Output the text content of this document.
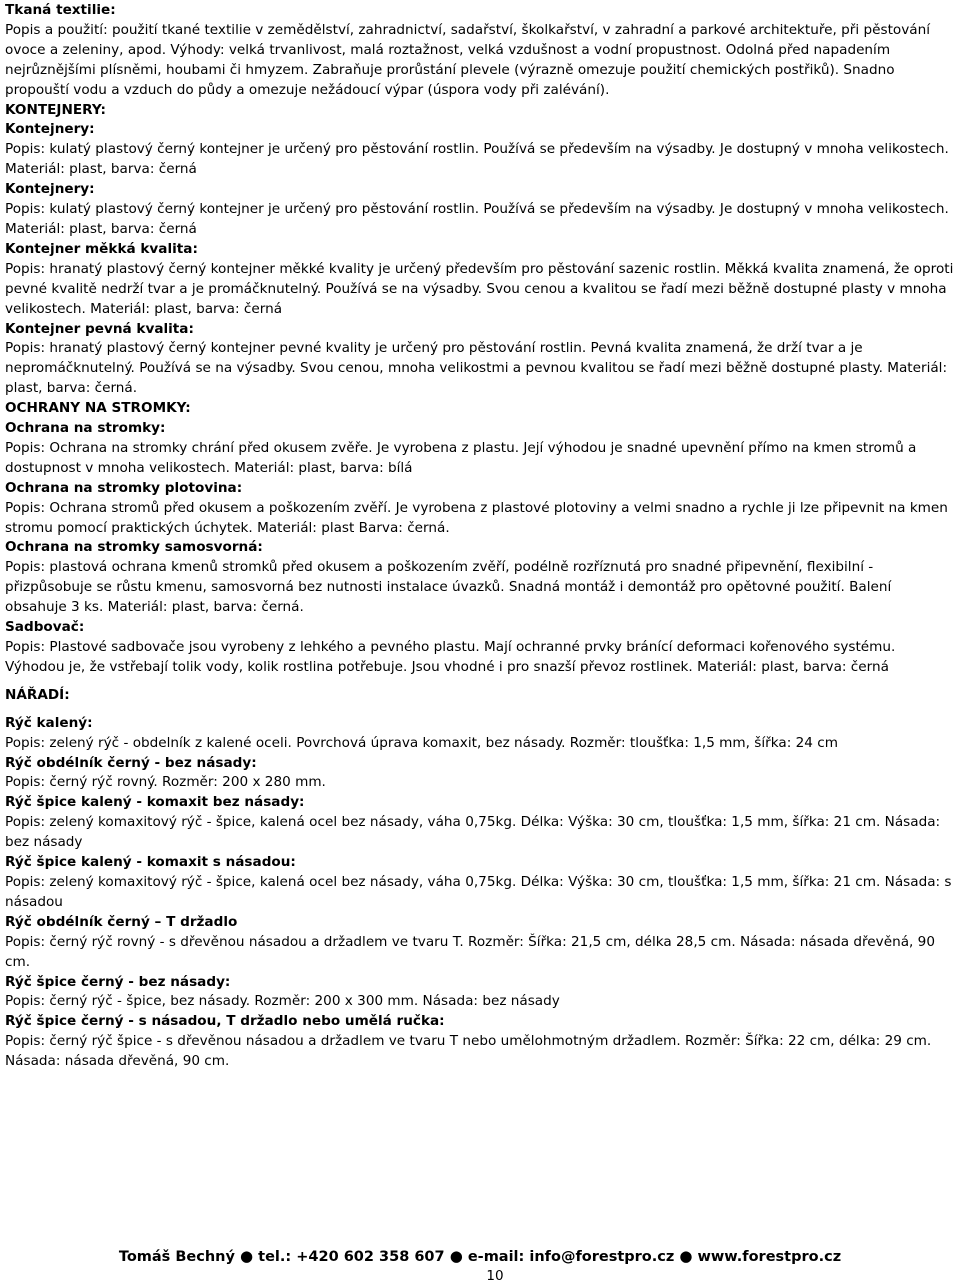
Tkaná textilie:
Popis a použití: použití tkané textilie v zemědělství, zahradnictví, sadařství, školkařství, v zahradní a parkové architektuře, při pěstování ovoce a zeleniny, apod. Výhody: velká trvanlivost, malá roztažnost, velká vzdušnost a vodní propustnost. Odolná před napadením nejrůznějšími plísněmi, houbami či hmyzem. Zabraňuje prorůstání plevele (výrazně omezuje použití chemických postřiků). Snadno propouští vodu a vzduch do půdy a omezuje nežádoucí výpar (úspora vody při zalévání).
KONTEJNERY:
Kontejnery:
Popis: kulatý plastový černý kontejner je určený pro pěstování rostlin. Používá se především na výsadby. Je dostupný v mnoha velikostech. Materiál: plast, barva: černá
Kontejnery:
Popis: kulatý plastový černý kontejner je určený pro pěstování rostlin. Používá se především na výsadby. Je dostupný v mnoha velikostech. Materiál: plast, barva: černá
Kontejner měkká kvalita:
Popis: hranatý plastový černý kontejner měkké kvality je určený především pro pěstování sazenic rostlin. Měkká kvalita znamená, že oproti pevné kvalitě nedrží tvar a je promáčknutelný. Používá se na výsadby. Svou cenou a kvalitou se řadí mezi běžně dostupné plasty v mnoha velikostech. Materiál: plast, barva: černá
Kontejner pevná kvalita:
Popis: hranatý plastový černý kontejner pevné kvality je určený pro pěstování rostlin. Pevná kvalita znamená, že drží tvar a je nepromáčknutelný. Používá se na výsadby. Svou cenou, mnoha velikostmi a pevnou kvalitou se řadí mezi běžně dostupné plasty. Materiál: plast, barva: černá.
OCHRANY NA STROMKY:
Ochrana na stromky:
Popis: Ochrana na stromky chrání před okusem zvěře. Je vyrobena z plastu. Její výhodou je snadné upevnění přímo na kmen stromů a dostupnost v mnoha velikostech. Materiál: plast, barva: bílá
Ochrana na stromky plotovina:
Popis: Ochrana stromů před okusem a poškozením zvěří. Je vyrobena z plastové plotoviny a velmi snadno a rychle ji lze připevnit na kmen stromu pomocí praktických úchytek. Materiál: plast Barva: černá.
Ochrana na stromky samosvorná:
Popis: plastová ochrana kmenů stromků před okusem a poškozením zvěří, podélně rozříznutá pro snadné připevnění, flexibilní - přizpůsobuje se růstu kmenu, samosvorná bez nutnosti instalace úvazků. Snadná montáž i demontáž pro opětovné použití. Balení obsahuje 3 ks. Materiál: plast, barva: černá.
Sadbovač:
Popis: Plastové sadbovače jsou vyrobeny z lehkého a pevného plastu. Mají ochranné prvky bránící deformaci kořenového systému. Výhodou je, že vstřebají tolik vody, kolik rostlina potřebuje. Jsou vhodné i pro snazší převoz rostlinek. Materiál: plast, barva: černá
NÁŘADÍ:
Rýč kalený:
Popis: zelený rýč - obdelník z kalené oceli. Povrchová úprava komaxit, bez násady. Rozměr: tloušťka: 1,5 mm, šířka: 24 cm
Rýč obdélník černý - bez násady:
Popis: černý rýč rovný. Rozměr: 200 x 280 mm.
Rýč špice kalený - komaxit bez násady:
Popis: zelený komaxitový rýč - špice, kalená ocel bez násady, váha 0,75kg. Délka: Výška: 30 cm, tloušťka: 1,5 mm, šířka: 21 cm. Násada: bez násady
Rýč špice kalený - komaxit s násadou:
Popis: zelený komaxitový rýč - špice, kalená ocel bez násady, váha 0,75kg. Délka: Výška: 30 cm, tloušťka: 1,5 mm, šířka: 21 cm. Násada: s násadou
Rýč obdélník černý – T držadlo
Popis: černý rýč rovný - s dřevěnou násadou a držadlem ve tvaru T. Rozměr: Šířka: 21,5 cm, délka 28,5 cm. Násada: násada dřevěná, 90 cm.
Rýč špice černý - bez násady:
Popis: černý rýč - špice, bez násady. Rozměr: 200 x 300 mm. Násada: bez násady
Rýč špice černý - s násadou, T držadlo nebo umělá ručka:
Popis: černý rýč špice - s dřevěnou násadou a držadlem ve tvaru T nebo umělohmotným držadlem. Rozměr: Šířka: 22 cm, délka: 29 cm. Násada: násada dřevěná, 90 cm.
Tomáš Bechný ● tel.: +420 602 358 607 ● e-mail: info@forestpro.cz ● www.forestpro.cz
10
